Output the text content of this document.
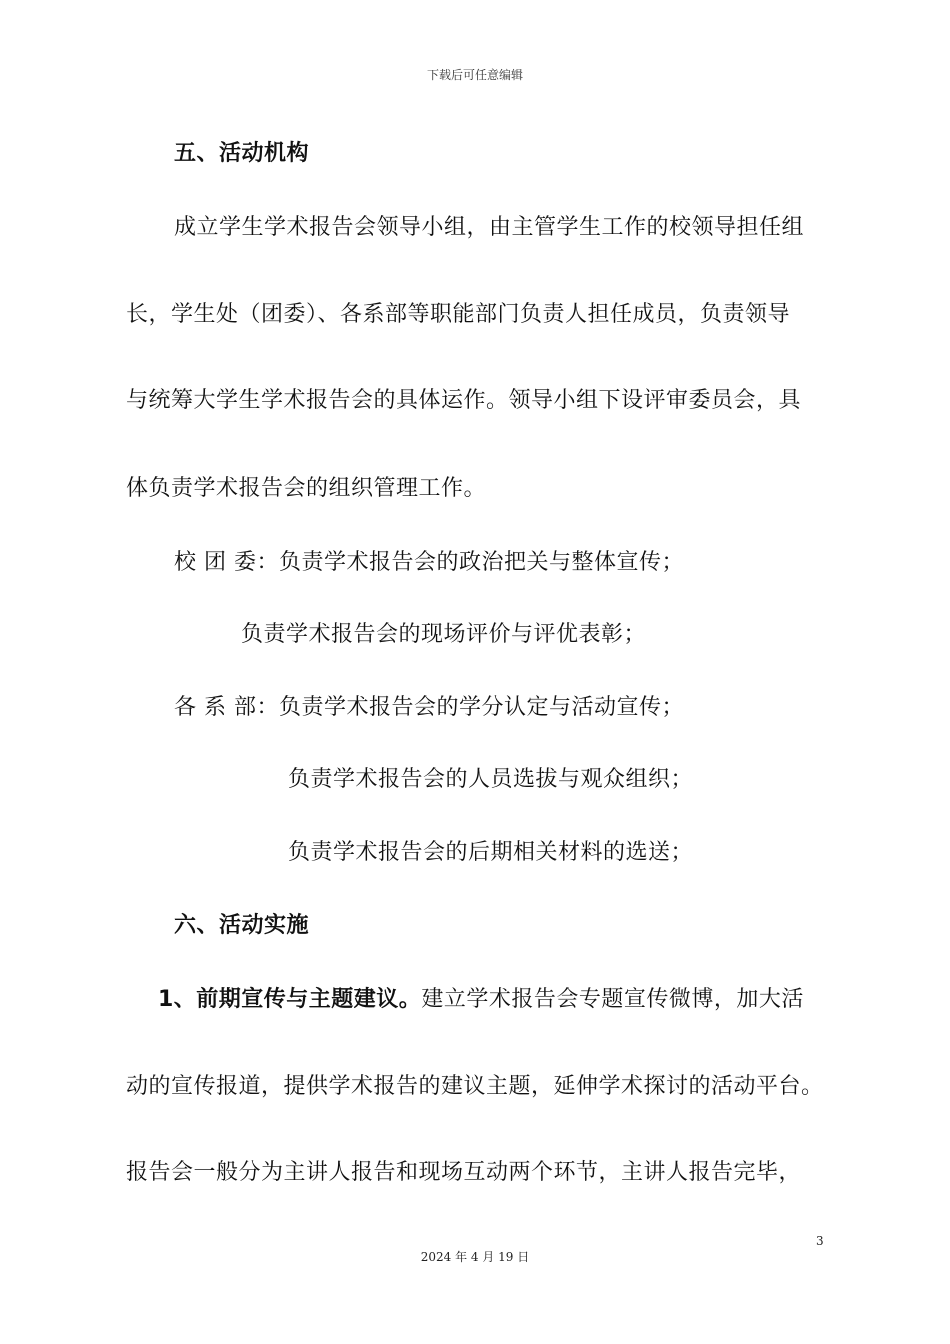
下载后可任意编辑
五、活动机构
成立学生学术报告会领导小组，由主管学生工作的校领导担任组
长，学生处（团委）、各系部等职能部门负责人担任成员，负责领导
与统筹大学生学术报告会的具体运作。领导小组下设评审委员会，具
体负责学术报告会的组织管理工作。
校 团 委：负责学术报告会的政治把关与整体宣传；
负责学术报告会的现场评价与评优表彰；
各 系 部：负责学术报告会的学分认定与活动宣传；
负责学术报告会的人员选拔与观众组织；
负责学术报告会的后期相关材料的选送；
六、活动实施
1、前期宣传与主题建议。建立学术报告会专题宣传微博，加大活
动的宣传报道，提供学术报告的建议主题，延伸学术探讨的活动平台。
报告会一般分为主讲人报告和现场互动两个环节，主讲人报告完毕，
3
2024 年 4 月 19 日
